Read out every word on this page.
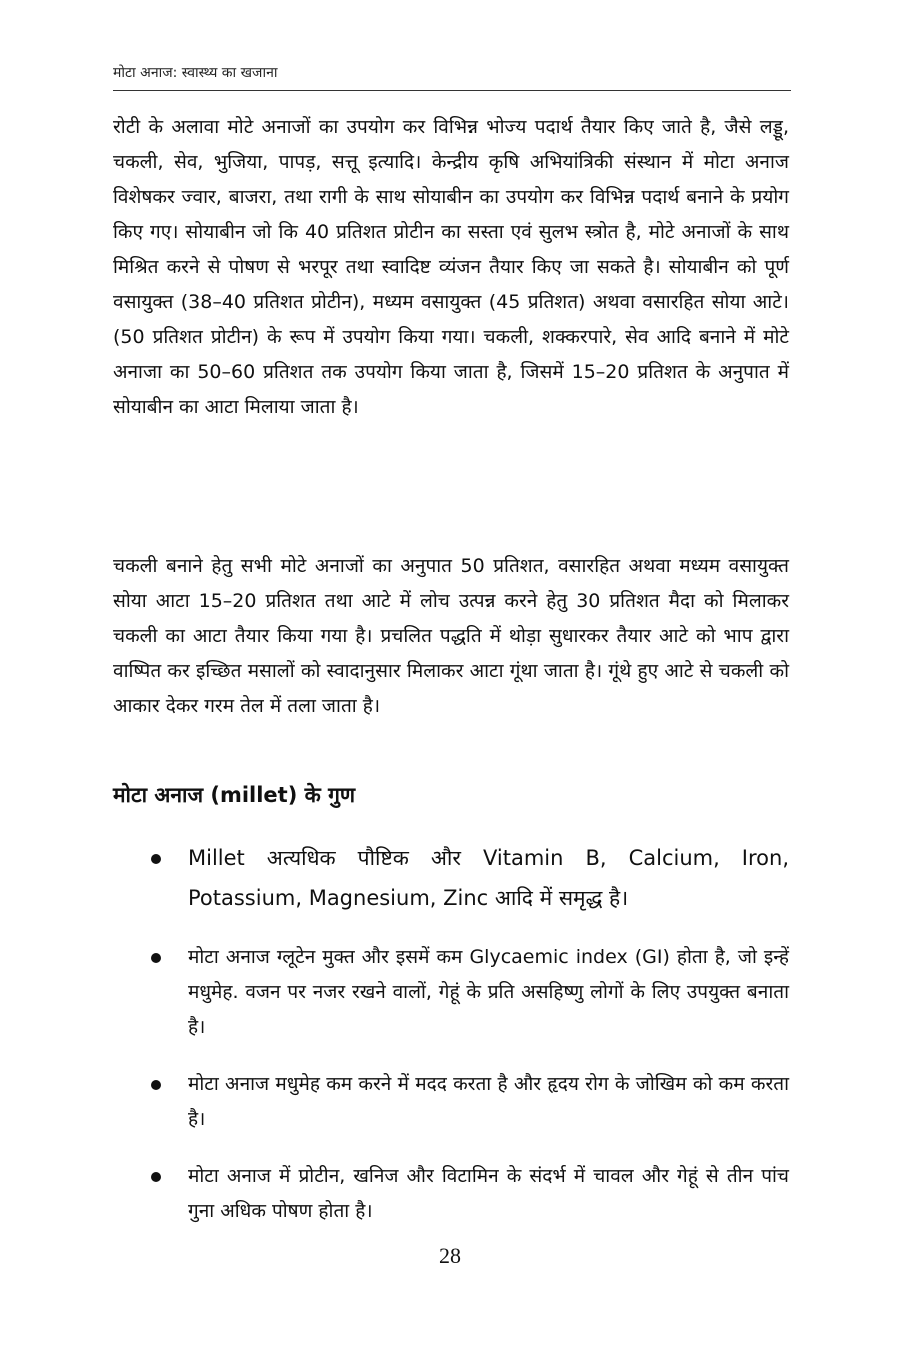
मोटा अनाज: स्वास्थ्य का खजाना

रोटी के अलावा मोटे अनाजों का उपयोग कर विभिन्न भोज्य पदार्थ तैयार किए जाते है, जैसे लड्डू, चकली, सेव, भुजिया, पापड़, सत्तू इत्यादि। केन्द्रीय कृषि अभियांत्रिकी संस्थान में मोटा अनाज विशेषकर ज्वार, बाजरा, तथा रागी के साथ सोयाबीन का उपयोग कर विभिन्न पदार्थ बनाने के प्रयोग किए गए। सोयाबीन जो कि 40 प्रतिशत प्रोटीन का सस्ता एवं सुलभ स्त्रोत है, मोटे अनाजों के साथ मिश्रित करने से पोषण से भरपूर तथा स्वादिष्ट व्यंजन तैयार किए जा सकते है। सोयाबीन को पूर्ण वसायुक्त (38–40 प्रतिशत प्रोटीन), मध्यम वसायुक्त (45 प्रतिशत) अथवा वसारहित सोया आटे। (50 प्रतिशत प्रोटीन) के रूप में उपयोग किया गया। चकली, शक्करपारे, सेव आदि बनाने में मोटे अनाजा का 50–60 प्रतिशत तक उपयोग किया जाता है, जिसमें 15–20 प्रतिशत के अनुपात में सोयाबीन का आटा मिलाया जाता है।

चकली बनाने हेतु सभी मोटे अनाजों का अनुपात 50 प्रतिशत, वसारहित अथवा मध्यम वसायुक्त सोया आटा 15–20 प्रतिशत तथा आटे में लोच उत्पन्न करने हेतु 30 प्रतिशत मैदा को मिलाकर चकली का आटा तैयार किया गया है। प्रचलित पद्धति में थोड़ा सुधारकर तैयार आटे को भाप द्वारा वाष्पित कर इच्छित मसालों को स्वादानुसार मिलाकर आटा गूंथा जाता है। गूंथे हुए आटे से चकली को आकार देकर गरम तेल में तला जाता है।

मोटा अनाज (millet) के गुण
Millet अत्यधिक पौष्टिक और Vitamin B, Calcium, Iron, Potassium, Magnesium, Zinc आदि में समृद्ध है।
मोटा अनाज ग्लूटेन मुक्त और इसमें कम Glycaemic index (GI) होता है, जो इन्हें मधुमेह. वजन पर नजर रखने वालों, गेहूं के प्रति असहिष्णु लोगों के लिए उपयुक्त बनाता है।
मोटा अनाज मधुमेह कम करने में मदद करता है और हृदय रोग के जोखिम को कम करता है।
मोटा अनाज में प्रोटीन, खनिज और विटामिन के संदर्भ में चावल और गेहूं से तीन पांच गुना अधिक पोषण होता है।
28
